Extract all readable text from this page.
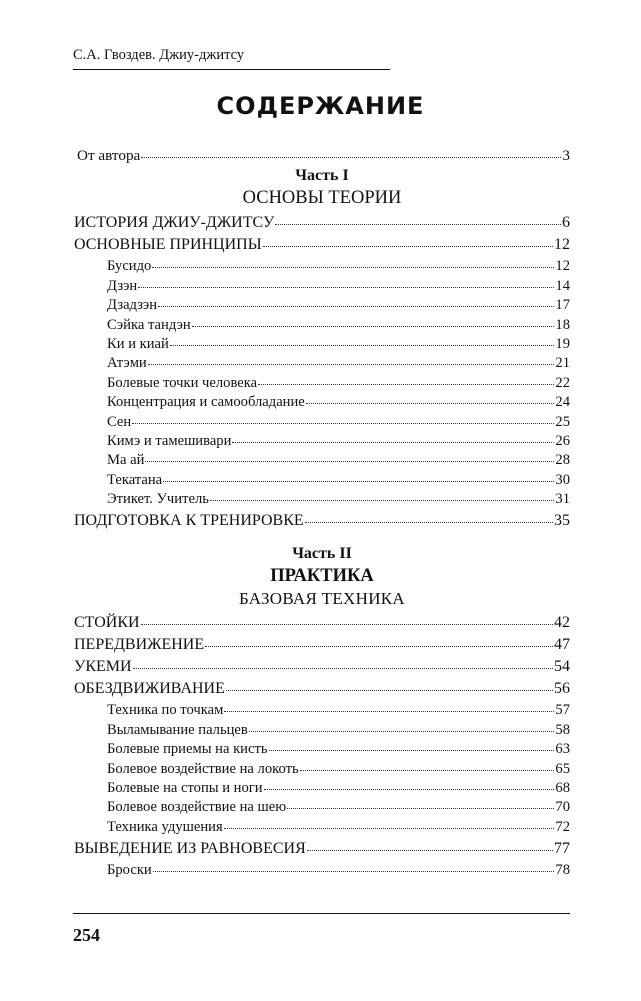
С.А. Гвоздев. Джиу-джитсу
СОДЕРЖАНИЕ
От автора	3
Часть I
ОСНОВЫ ТЕОРИИ
ИСТОРИЯ ДЖИУ-ДЖИТСУ	6
ОСНОВНЫЕ ПРИНЦИПЫ	12
Бусидо	12
Дзэн	14
Дзадзэн	17
Сэйка тандэн	18
Ки и киай	19
Атэми	21
Болевые точки человека	22
Концентрация и самообладание	24
Сен	25
Кимэ и тамешивари	26
Ма ай	28
Текатана	30
Этикет. Учитель	31
ПОДГОТОВКА К ТРЕНИРОВКЕ	35
Часть II
ПРАКТИКА
БАЗОВАЯ ТЕХНИКА
СТОЙКИ	42
ПЕРЕДВИЖЕНИЕ	47
УКЕМИ	54
ОБЕЗДВИЖИВАНИЕ	56
Техника по точкам	57
Выламывание пальцев	58
Болевые приемы на кисть	63
Болевое воздействие на локоть	65
Болевые на стопы и ноги	68
Болевое воздействие на шею	70
Техника удушения	72
ВЫВЕДЕНИЕ ИЗ РАВНОВЕСИЯ	77
Броски	78
254
